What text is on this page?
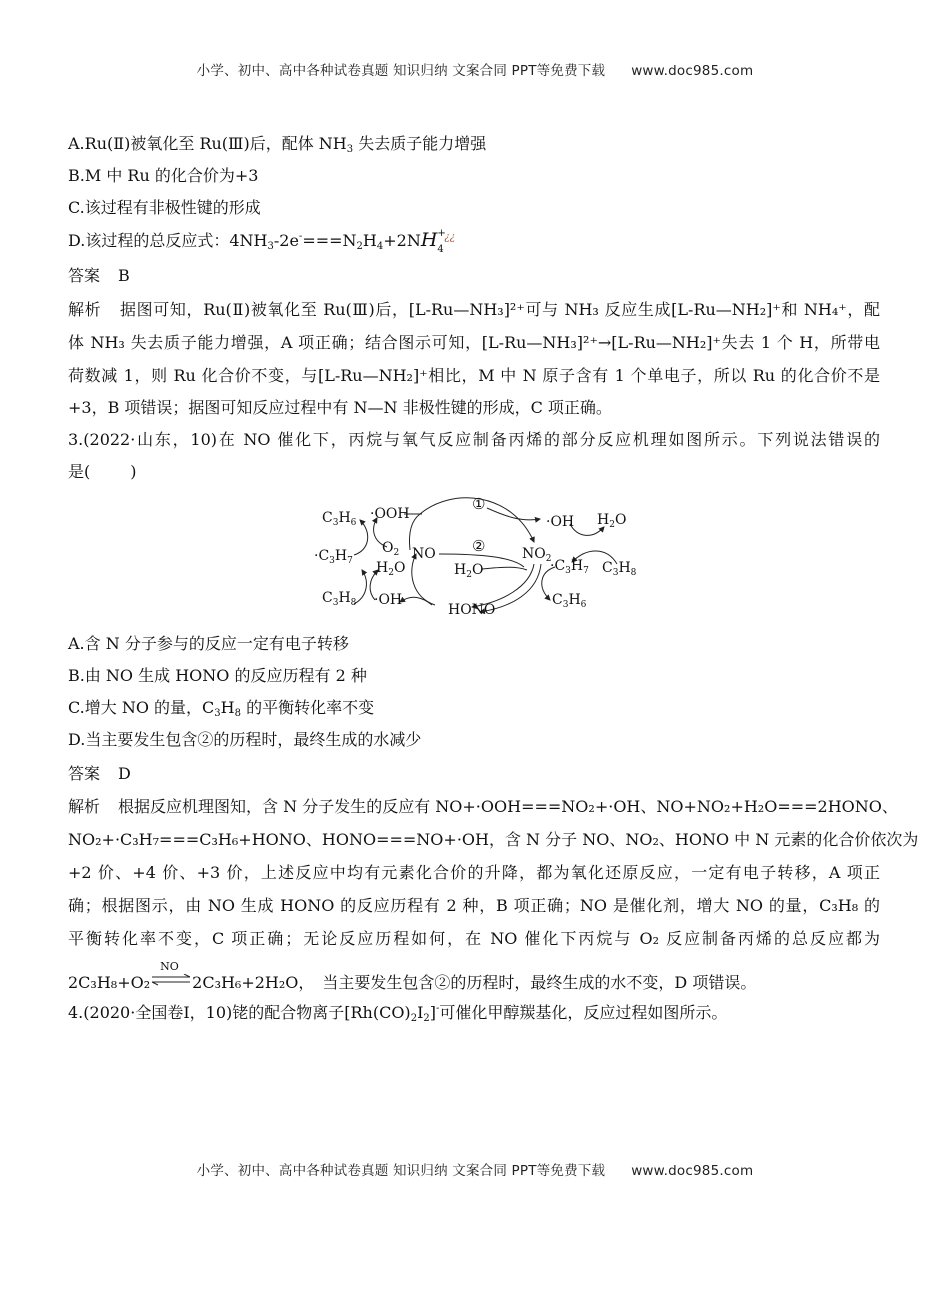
小学、初中、高中各种试卷真题 知识归纳 文案合同 PPT等免费下载 www.doc985.com
A.Ru(Ⅱ)被氧化至 Ru(Ⅲ)后，配体 $NH_3$ 失去质子能力增强
B.M 中 Ru 的化合价为+3
C.该过程有非极性键的形成
D.该过程的总反应式：$4NH_3-2e^-===N_2H_4+2NH$ +
¿¿
4
答案 B
解析 据图可知，Ru(Ⅱ)被氧化至 Ru(Ⅲ)后，[L-Ru—NH₃]²⁺可与 NH₃ 反应生成[L-Ru—NH₂]⁺和 NH₄⁺，配
体 NH₃ 失去质子能力增强，A 项正确；结合图示可知，[L-Ru—NH₃]²⁺→[L-Ru—NH₂]⁺失去 1 个 H，所带电
荷数减 1，则 Ru 化合价不变，与[L-Ru—NH₂]⁺相比，M 中 N 原子含有 1 个单电子，所以 Ru 的化合价不是
+3，B 项错误；据图可知反应过程中有 N—N 非极性键的形成，C 项正确。
3.(2022·山东，10)在 NO 催化下，丙烷与氧气反应制备丙烯的部分反应机理如图所示。下列说法错误的
是(	)
$C_3H_6$
·OOH
$O_2$
$\cdot C_3H_7$ $H_2O$
$C_3H_8 \cdot OH$
NO
①
②
$H_2O$
HONO
$NO_2$
·OH $H_2O$
$\cdot C_3H_7$ $C_3H_8$
$C_3H_6$
A.含 N 分子参与的反应一定有电子转移
B.由 NO 生成 HONO 的反应历程有 2 种
C.增大 NO 的量，$C_3H_8$ 的平衡转化率不变
D.当主要发生包含②的历程时，最终生成的水减少
答案 D
解析 根据反应机理图知，含 N 分子发生的反应有 NO+·OOH===NO₂+·OH、NO+NO₂+H₂O===2HONO、
NO₂+·C₃H₇===C₃H₆+HONO、HONO===NO+·OH，含 N 分子 NO、NO₂、HONO 中 N 元素的化合价依次为
+2 价、+4 价、+3 价，上述反应中均有元素化合价的升降，都为氧化还原反应，一定有电子转移，A 项正
确；根据图示，由 NO 生成 HONO 的反应历程有 2 种，B 项正确；NO 是催化剂，增大 NO 的量，C₃H₈ 的
平衡转化率不变，C 项正确；无论反应历程如何，在 NO 催化下丙烷与 O₂ 反应制备丙烯的总反应都为
2C₃H₈+O₂
NO
2C₃H₆+2H₂O， 当主要发生包含②的历程时，最终生成的水不变，D 项错误。
4.(2020·全国卷Ⅰ，10)铑的配合物离子$[Rh(CO)_2I_2]^-$可催化甲醇羰基化，反应过程如图所示。
小学、初中、高中各种试卷真题 知识归纳 文案合同 PPT等免费下载 www.doc985.com
